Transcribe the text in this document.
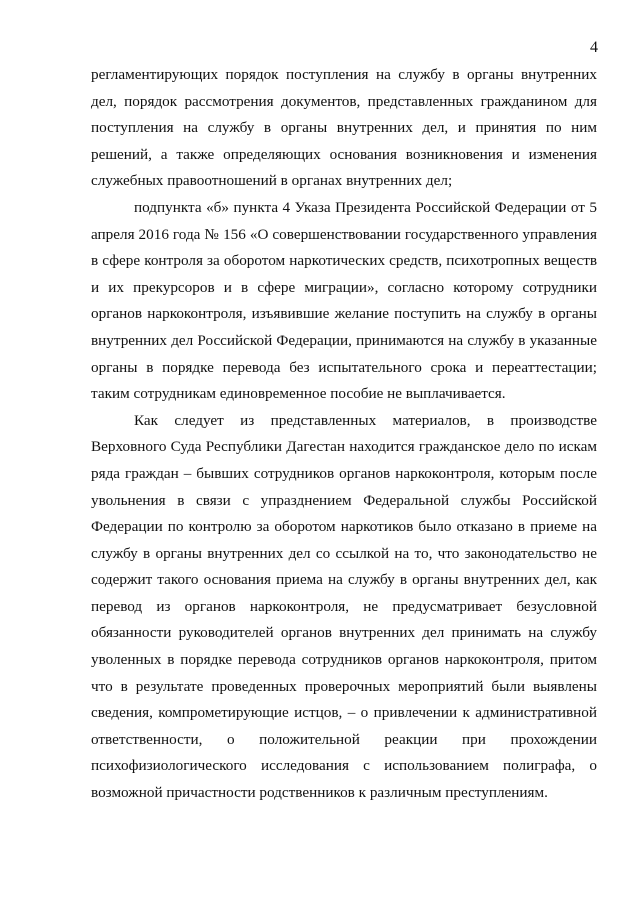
4

регламентирующих порядок поступления на службу в органы внутренних дел, порядок рассмотрения документов, представленных гражданином для поступления на службу в органы внутренних дел, и принятия по ним решений, а также определяющих основания возникновения и изменения служебных правоотношений в органах внутренних дел;

подпункта «б» пункта 4 Указа Президента Российской Федерации от 5 апреля 2016 года № 156 «О совершенствовании государственного управления в сфере контроля за оборотом наркотических средств, психотропных веществ и их прекурсоров и в сфере миграции», согласно которому сотрудники органов наркоконтроля, изъявившие желание поступить на службу в органы внутренних дел Российской Федерации, принимаются на службу в указанные органы в порядке перевода без испытательного срока и переаттестации; таким сотрудникам единовременное пособие не выплачивается.

Как следует из представленных материалов, в производстве Верховного Суда Республики Дагестан находится гражданское дело по искам ряда граждан – бывших сотрудников органов наркоконтроля, которым после увольнения в связи с упразднением Федеральной службы Российской Федерации по контролю за оборотом наркотиков было отказано в приеме на службу в органы внутренних дел со ссылкой на то, что законодательство не содержит такого основания приема на службу в органы внутренних дел, как перевод из органов наркоконтроля, не предусматривает безусловной обязанности руководителей органов внутренних дел принимать на службу уволенных в порядке перевода сотрудников органов наркоконтроля, притом что в результате проведенных проверочных мероприятий были выявлены сведения, компрометирующие истцов, – о привлечении к административной ответственности, о положительной реакции при прохождении психофизиологического исследования с использованием полиграфа, о возможной причастности родственников к различным преступлениям.
